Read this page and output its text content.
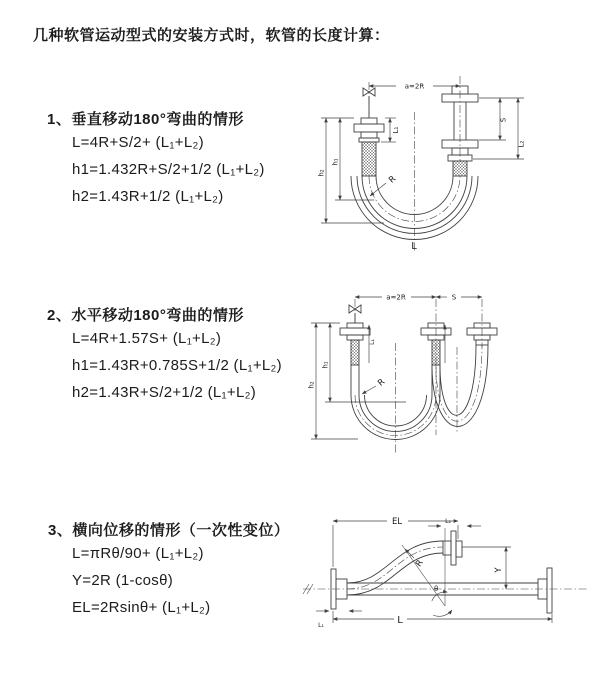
几种软管运动型式的安装方式时，软管的长度计算：
1、垂直移动180°弯曲的情形
L=4R+S/2+ (L₁+L₂)
h1=1.432R+S/2+1/2 (L₁+L₂)
h2=1.43R+1/2 (L₁+L₂)
2、水平移动180°弯曲的情形
L=4R+1.57S+ (L₁+L₂)
h1=1.43R+0.785S+1/2 (L₁+L₂)
h2=1.43R+S/2+1/2 (L₁+L₂)
3、横向位移的情形（一次性变位）
L=πRθ/90+ (L₁+L₂)
Y=2R (1-cosθ)
EL=2Rsinθ+ (L₁+L₂)
a=2R
h₁
h₂
L₁
S
L₂
R
L
a=2R	S
h₁
h₂
L₁
R
EL	L₂
θ
R
Y
L
L₁
